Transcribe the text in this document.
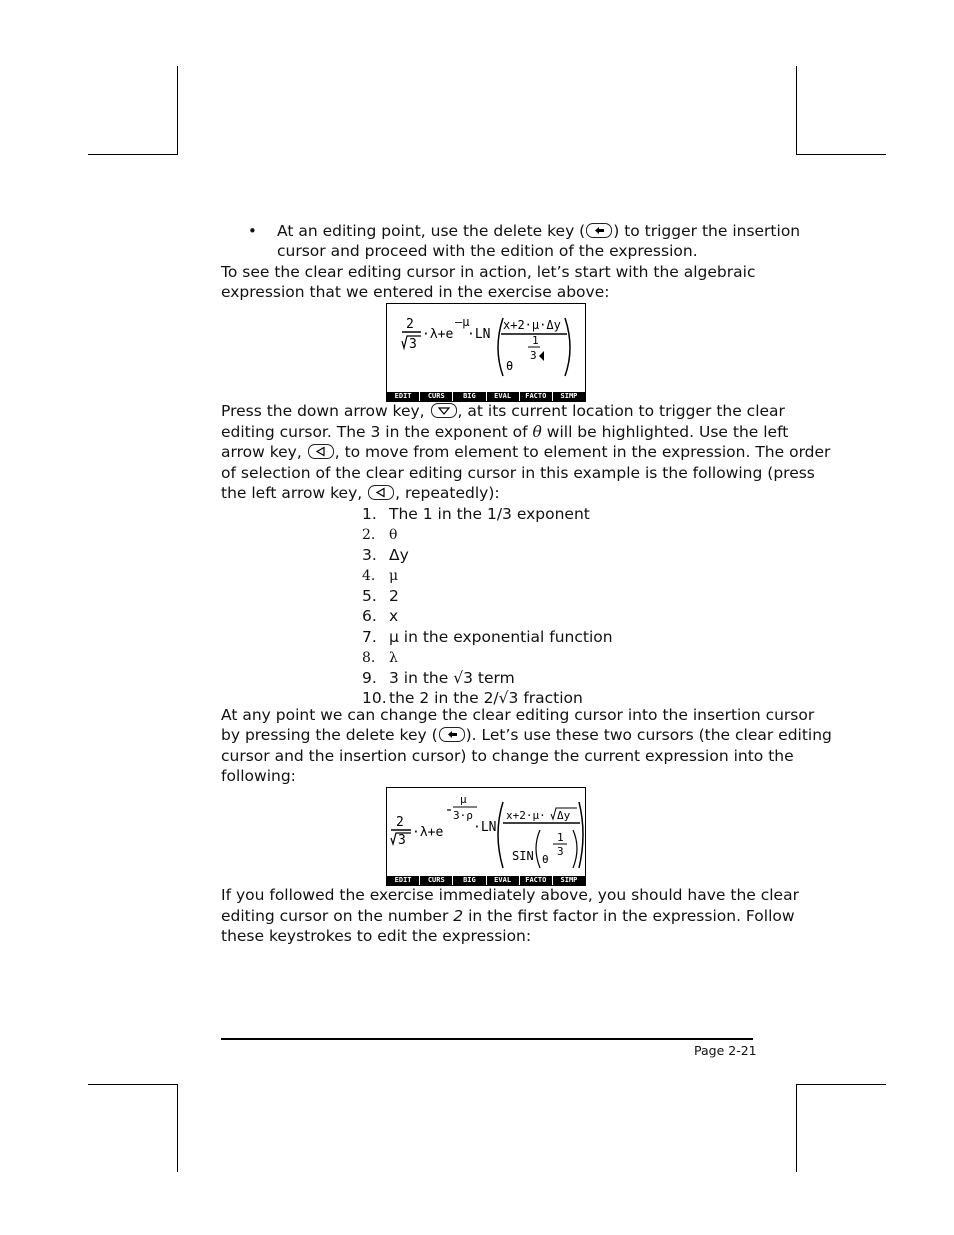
• At an editing point, use the delete key ( ) to trigger the insertion
cursor and proceed with the edition of the expression.
To see the clear editing cursor in action, let’s start with the algebraic
expression that we entered in the exercise above:
2
3
·λ+e
–μ
·LN
x+2·μ·Δy
1
θ
3
EDIT	CURS	BIG	EVAL	FACTO	SIMP
Press the down arrow key,
, at its current location to trigger the clear
editing cursor. The 3 in the exponent of θ will be highlighted. Use the left
arrow key,
, to move from element to element in the expression. The order
of selection of the clear editing cursor in this example is the following (press
the left arrow key,
, repeatedly):
1. The 1 in the 1/3 exponent
2. θ
3. Δy
4. μ
5. 2
6. x
7. μ in the exponential function
8. λ
9. 3 in the √3 term
10. the 2 in the 2/√3 fraction
At any point we can change the clear editing cursor into the insertion cursor
by pressing the delete key ( ). Let’s use these two cursors (the clear editing
cursor and the insertion cursor) to change the current expression into the
following:
2
3
·λ+e
μ
3·ρ
·LN
x+2·μ· Δy
SIN θ
1
3
EDIT	CURS	BIG	EVAL	FACTO	SIMP
If you followed the exercise immediately above, you should have the clear
editing cursor on the number 2 in the first factor in the expression. Follow
these keystrokes to edit the expression:
Page 2-21
